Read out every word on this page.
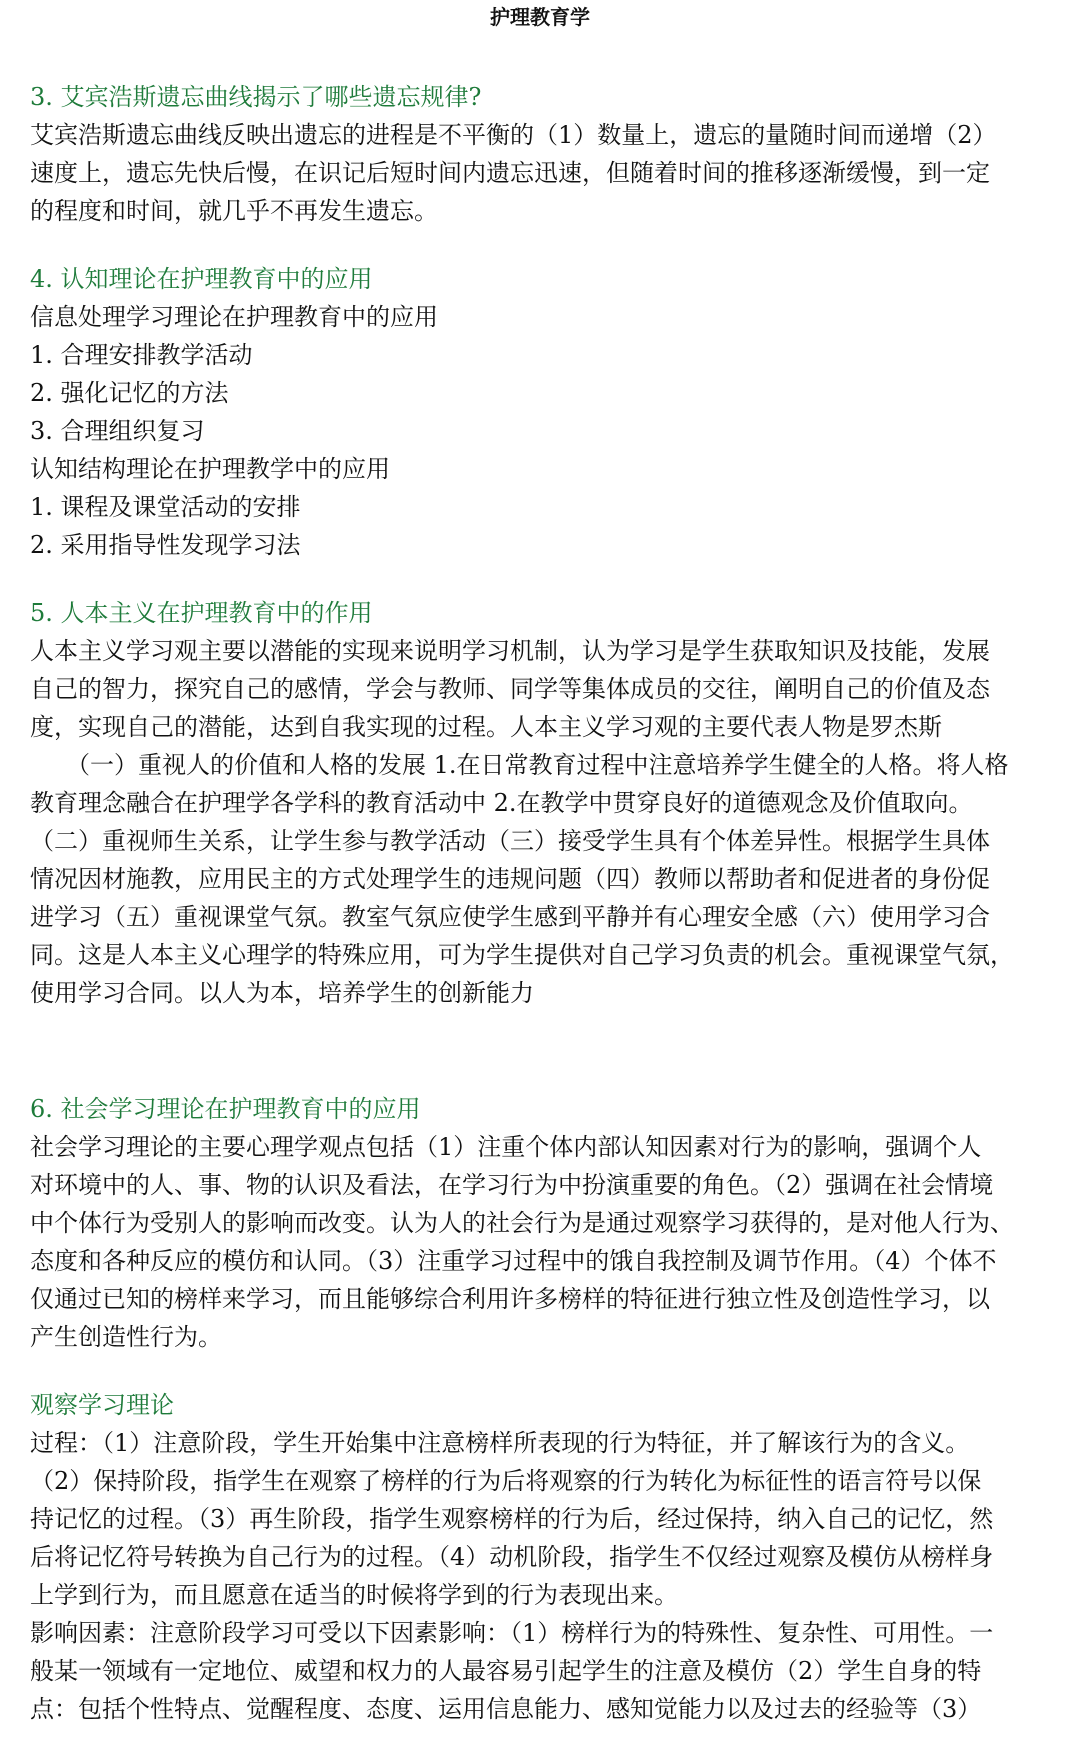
护理教育学

3. 艾宾浩斯遗忘曲线揭示了哪些遗忘规律?

艾宾浩斯遗忘曲线反映出遗忘的进程是不平衡的（1）数量上，遗忘的量随时间而递增（2）

速度上，遗忘先快后慢，在识记后短时间内遗忘迅速，但随着时间的推移逐渐缓慢，到一定

的程度和时间，就几乎不再发生遗忘。

4. 认知理论在护理教育中的应用

信息处理学习理论在护理教育中的应用

1. 合理安排教学活动

2. 强化记忆的方法

3. 合理组织复习

认知结构理论在护理教学中的应用

1. 课程及课堂活动的安排

2. 采用指导性发现学习法

5. 人本主义在护理教育中的作用

人本主义学习观主要以潜能的实现来说明学习机制，认为学习是学生获取知识及技能，发展

自己的智力，探究自己的感情，学会与教师、同学等集体成员的交往，阐明自己的价值及态

度，实现自己的潜能，达到自我实现的过程。人本主义学习观的主要代表人物是罗杰斯

（一）重视人的价值和人格的发展 1.在日常教育过程中注意培养学生健全的人格。将人格

教育理念融合在护理学各学科的教育活动中 2.在教学中贯穿良好的道德观念及价值取向。

（二）重视师生关系，让学生参与教学活动（三）接受学生具有个体差异性。根据学生具体

情况因材施教，应用民主的方式处理学生的违规问题（四）教师以帮助者和促进者的身份促

进学习（五）重视课堂气氛。教室气氛应使学生感到平静并有心理安全感（六）使用学习合

同。这是人本主义心理学的特殊应用，可为学生提供对自己学习负责的机会。重视课堂气氛，

使用学习合同。以人为本，培养学生的创新能力

6. 社会学习理论在护理教育中的应用

社会学习理论的主要心理学观点包括（1）注重个体内部认知因素对行为的影响，强调个人

对环境中的人、事、物的认识及看法，在学习行为中扮演重要的角色。（2）强调在社会情境

中个体行为受别人的影响而改变。认为人的社会行为是通过观察学习获得的，是对他人行为、

态度和各种反应的模仿和认同。（3）注重学习过程中的饿自我控制及调节作用。（4）个体不

仅通过已知的榜样来学习，而且能够综合利用许多榜样的特征进行独立性及创造性学习，以

产生创造性行为。

观察学习理论

过程：（1）注意阶段，学生开始集中注意榜样所表现的行为特征，并了解该行为的含义。

（2）保持阶段，指学生在观察了榜样的行为后将观察的行为转化为标征性的语言符号以保

持记忆的过程。（3）再生阶段，指学生观察榜样的行为后，经过保持，纳入自己的记忆，然

后将记忆符号转换为自己行为的过程。（4）动机阶段，指学生不仅经过观察及模仿从榜样身

上学到行为，而且愿意在适当的时候将学到的行为表现出来。

影响因素：注意阶段学习可受以下因素影响：（1）榜样行为的特殊性、复杂性、可用性。一

般某一领域有一定地位、威望和权力的人最容易引起学生的注意及模仿（2）学生自身的特

点：包括个性特点、觉醒程度、态度、运用信息能力、感知觉能力以及过去的经验等（3）
